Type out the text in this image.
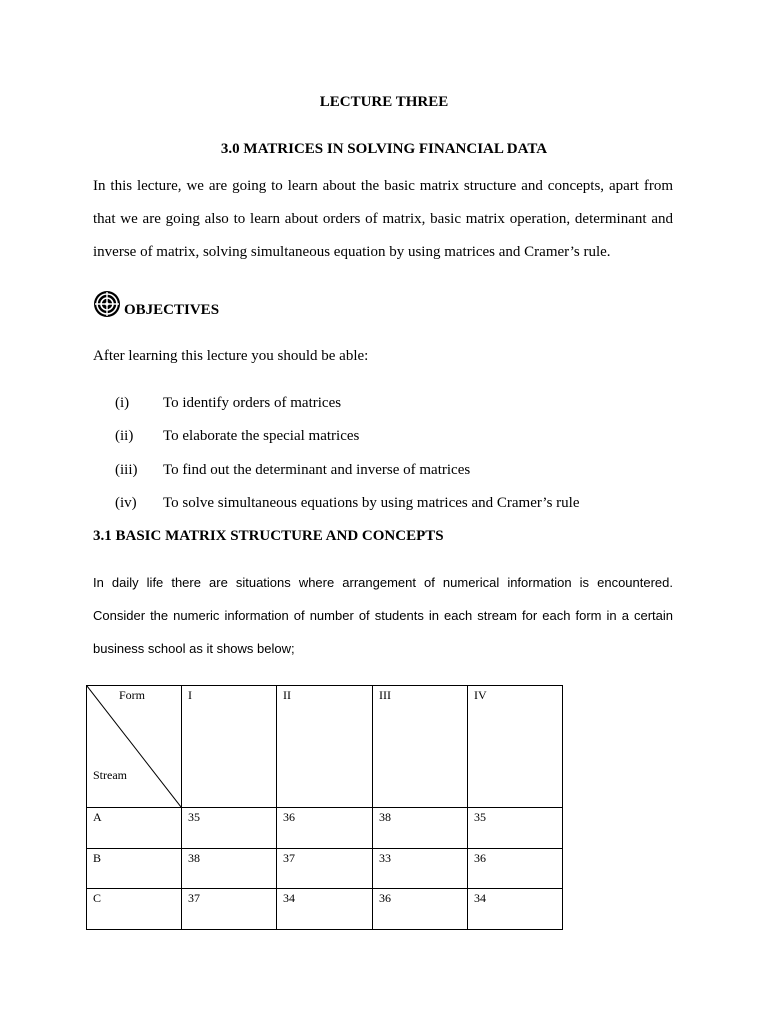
LECTURE THREE
3.0 MATRICES IN SOLVING FINANCIAL DATA
In this lecture, we are going to learn about the basic matrix structure and concepts, apart from that we are going also to learn about orders of matrix, basic matrix operation, determinant and inverse of matrix, solving simultaneous equation by using matrices and Cramer’s rule.
OBJECTIVES
After learning this lecture you should be able:
(i) To identify orders of matrices
(ii) To elaborate the special matrices
(iii) To find out the determinant and inverse of matrices
(iv) To solve simultaneous equations by using matrices and Cramer’s rule
3.1 BASIC MATRIX STRUCTURE AND CONCEPTS
In daily life there are situations where arrangement of numerical information is encountered. Consider the numeric information of number of students in each stream for each form in a certain business school as it shows below;
Form
Stream	I	II	III	IV

A	35	36	38	35

B	38	37	33	36

C	37	34	36	34
